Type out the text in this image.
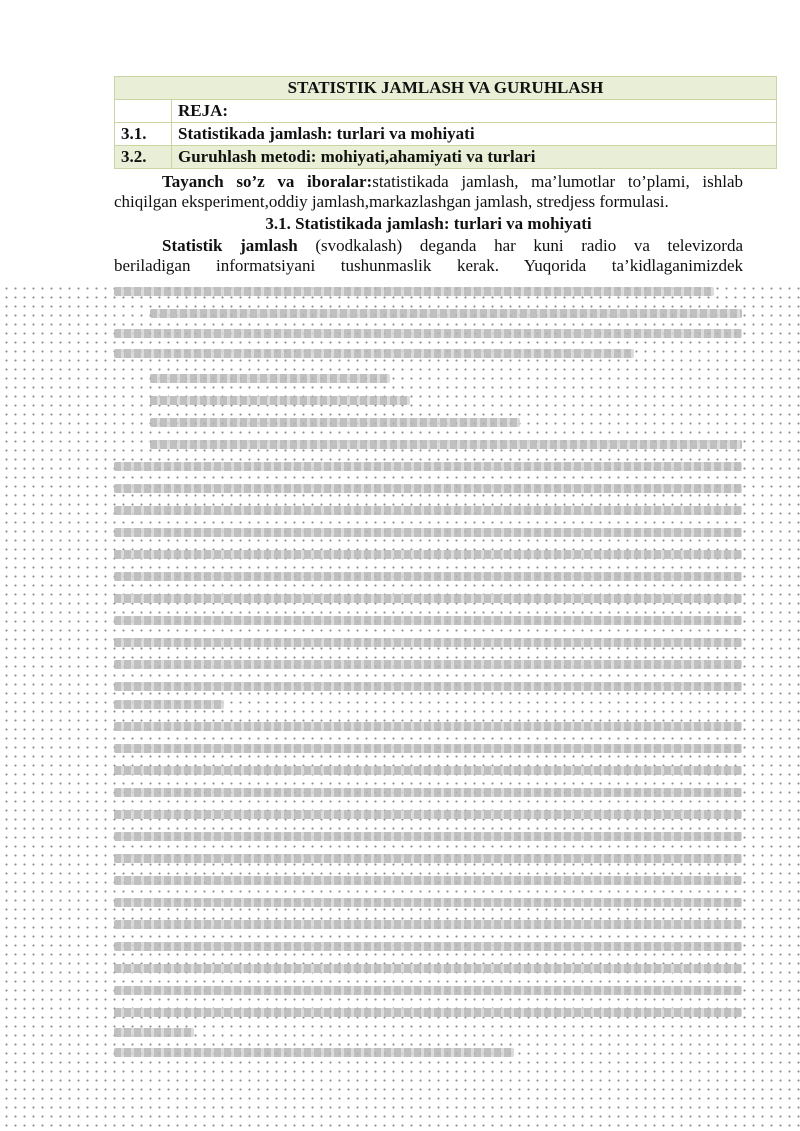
STATISTIK JAMLASH VA GURUHLASH	
	REJA:
3.1.	Statistikada jamlash: turlari va mohiyati
3.2.	Guruhlash metodi: mohiyati,ahamiyati va turlari
Tayanch so’z va iboralar:statistikada jamlash, ma’lumotlar to’plami, ishlab
chiqilgan eksperiment,oddiy jamlash,markazlashgan jamlash, stredjess formulasi.
3.1. Statistikada jamlash: turlari va mohiyati
Statistik jamlash (svodkalash) deganda har kuni radio va televizorda
beriladigan informatsiyani tushunmaslik kerak. Yuqorida ta’kidlaganimizdek
